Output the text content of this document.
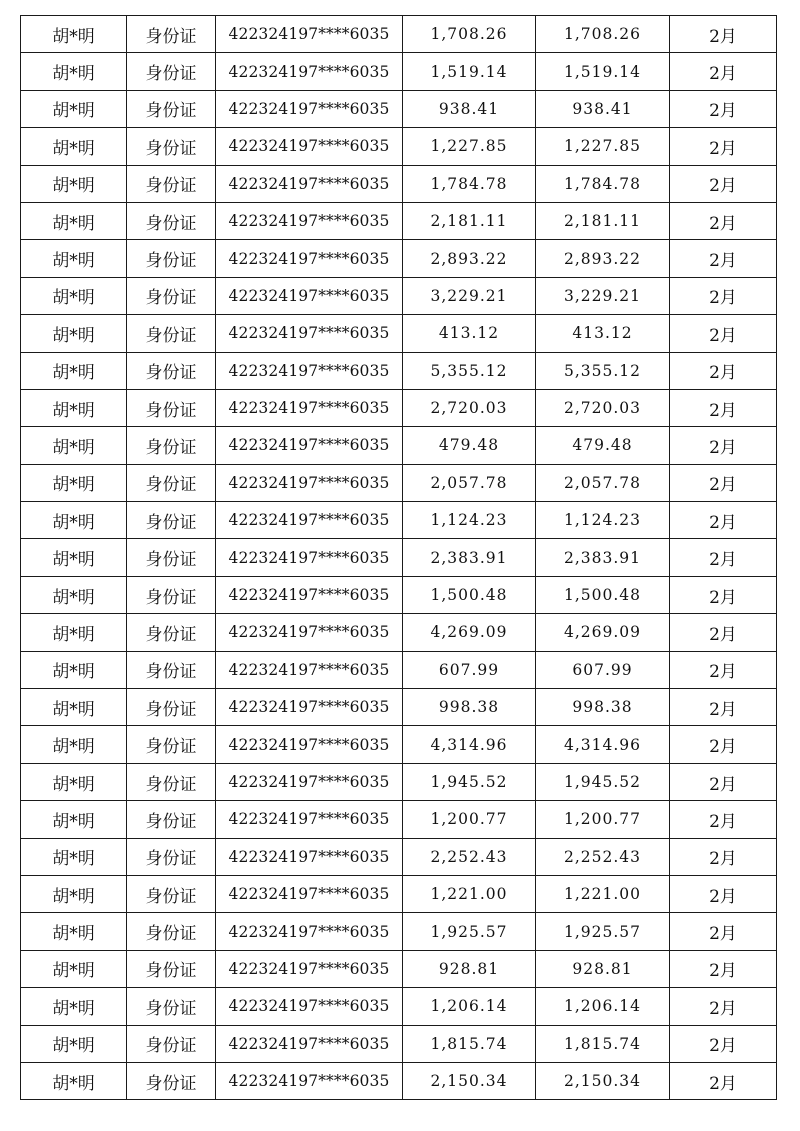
胡*明	身份证	422324197****6035	1,708.26	1,708.26	2月
胡*明	身份证	422324197****6035	1,519.14	1,519.14	2月
胡*明	身份证	422324197****6035	938.41	938.41	2月
胡*明	身份证	422324197****6035	1,227.85	1,227.85	2月
胡*明	身份证	422324197****6035	1,784.78	1,784.78	2月
胡*明	身份证	422324197****6035	2,181.11	2,181.11	2月
胡*明	身份证	422324197****6035	2,893.22	2,893.22	2月
胡*明	身份证	422324197****6035	3,229.21	3,229.21	2月
胡*明	身份证	422324197****6035	413.12	413.12	2月
胡*明	身份证	422324197****6035	5,355.12	5,355.12	2月
胡*明	身份证	422324197****6035	2,720.03	2,720.03	2月
胡*明	身份证	422324197****6035	479.48	479.48	2月
胡*明	身份证	422324197****6035	2,057.78	2,057.78	2月
胡*明	身份证	422324197****6035	1,124.23	1,124.23	2月
胡*明	身份证	422324197****6035	2,383.91	2,383.91	2月
胡*明	身份证	422324197****6035	1,500.48	1,500.48	2月
胡*明	身份证	422324197****6035	4,269.09	4,269.09	2月
胡*明	身份证	422324197****6035	607.99	607.99	2月
胡*明	身份证	422324197****6035	998.38	998.38	2月
胡*明	身份证	422324197****6035	4,314.96	4,314.96	2月
胡*明	身份证	422324197****6035	1,945.52	1,945.52	2月
胡*明	身份证	422324197****6035	1,200.77	1,200.77	2月
胡*明	身份证	422324197****6035	2,252.43	2,252.43	2月
胡*明	身份证	422324197****6035	1,221.00	1,221.00	2月
胡*明	身份证	422324197****6035	1,925.57	1,925.57	2月
胡*明	身份证	422324197****6035	928.81	928.81	2月
胡*明	身份证	422324197****6035	1,206.14	1,206.14	2月
胡*明	身份证	422324197****6035	1,815.74	1,815.74	2月
胡*明	身份证	422324197****6035	2,150.34	2,150.34	2月
